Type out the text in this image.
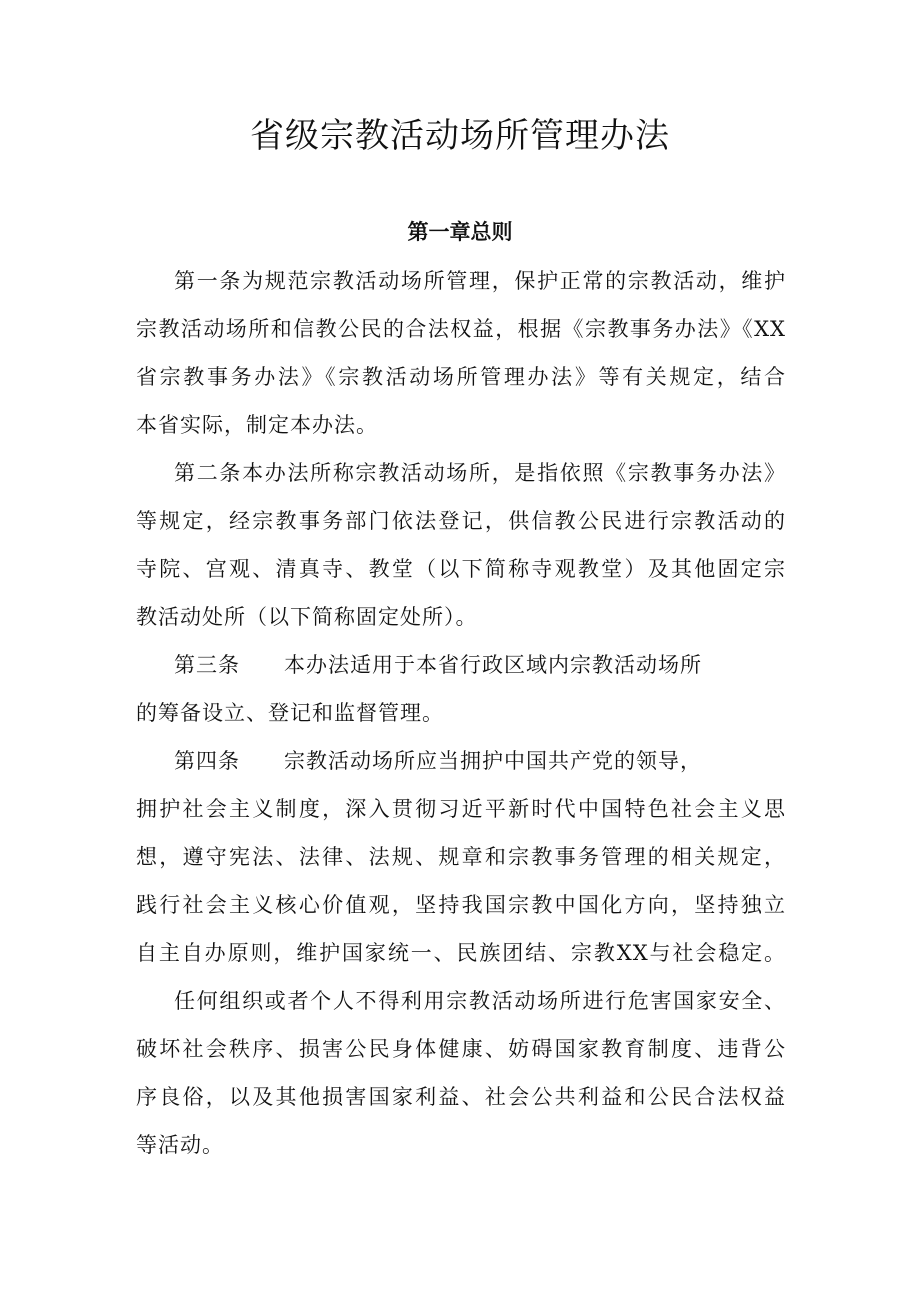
省级宗教活动场所管理办法
第一章总则

第一条为规范宗教活动场所管理，保护正常的宗教活动，维护

宗教活动场所和信教公民的合法权益，根据《宗教事务办法》《XX

省宗教事务办法》《宗教活动场所管理办法》等有关规定，结合

本省实际，制定本办法。

第二条本办法所称宗教活动场所，是指依照《宗教事务办法》

等规定，经宗教事务部门依法登记，供信教公民进行宗教活动的

寺院、宫观、清真寺、教堂（以下简称寺观教堂）及其他固定宗

教活动处所（以下简称固定处所）。

第三条 本办法适用于本省行政区域内宗教活动场所

的筹备设立、登记和监督管理。

第四条 宗教活动场所应当拥护中国共产党的领导，

拥护社会主义制度，深入贯彻习近平新时代中国特色社会主义思

想，遵守宪法、法律、法规、规章和宗教事务管理的相关规定，

践行社会主义核心价值观，坚持我国宗教中国化方向，坚持独立

自主自办原则，维护国家统一、民族团结、宗教XX与社会稳定。

任何组织或者个人不得利用宗教活动场所进行危害国家安全、

破坏社会秩序、损害公民身体健康、妨碍国家教育制度、违背公

序良俗，以及其他损害国家利益、社会公共利益和公民合法权益

等活动。
